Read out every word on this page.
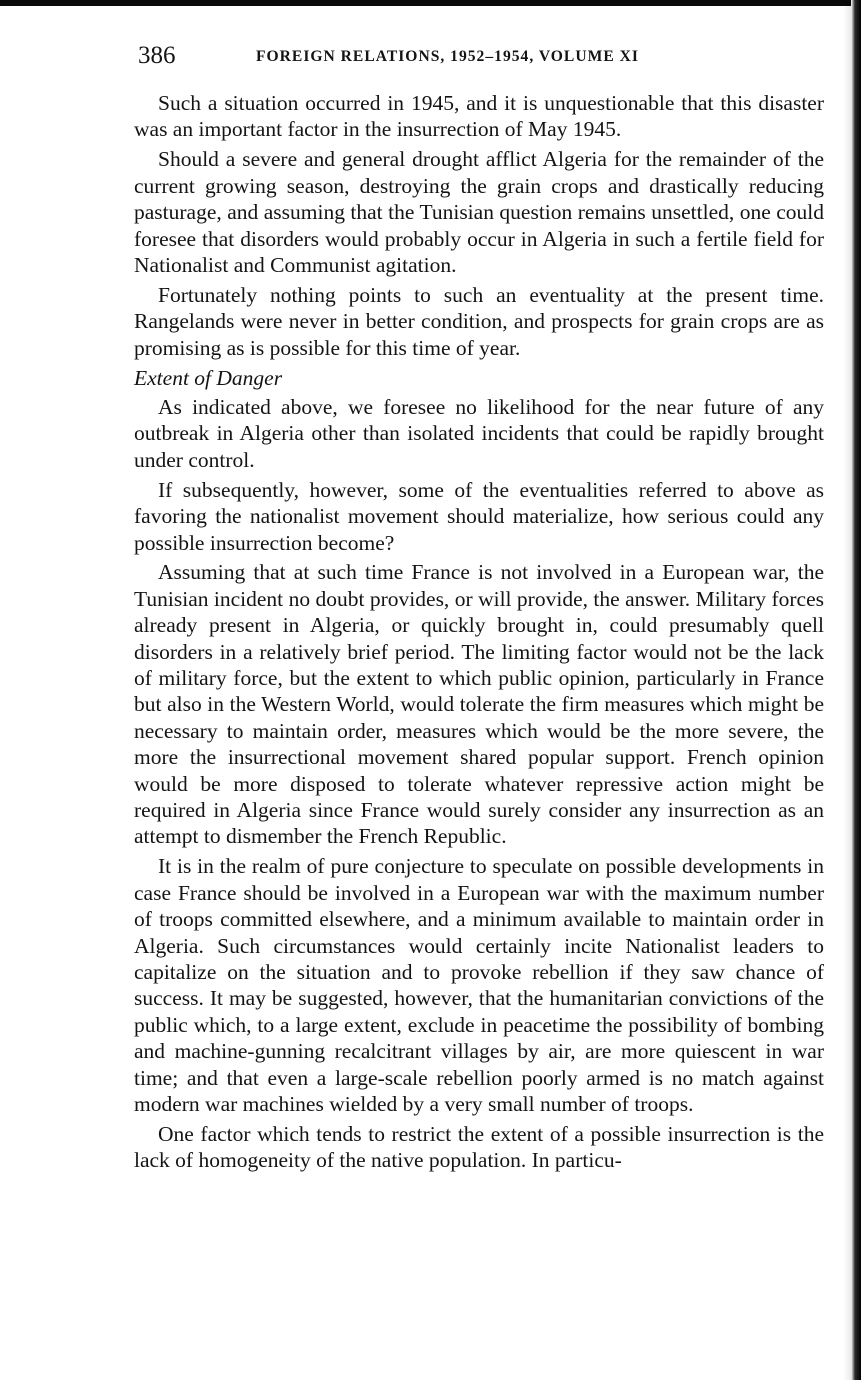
386	FOREIGN RELATIONS, 1952–1954, VOLUME XI

Such a situation occurred in 1945, and it is unquestionable that this disaster was an important factor in the insurrection of May 1945.

Should a severe and general drought afflict Algeria for the remainder of the current growing season, destroying the grain crops and drastically reducing pasturage, and assuming that the Tunisian question remains unsettled, one could foresee that disorders would probably occur in Algeria in such a fertile field for Nationalist and Communist agitation.

Fortunately nothing points to such an eventuality at the present time. Rangelands were never in better condition, and prospects for grain crops are as promising as is possible for this time of year.

Extent of Danger

As indicated above, we foresee no likelihood for the near future of any outbreak in Algeria other than isolated incidents that could be rapidly brought under control.

If subsequently, however, some of the eventualities referred to above as favoring the nationalist movement should materialize, how serious could any possible insurrection become?

Assuming that at such time France is not involved in a European war, the Tunisian incident no doubt provides, or will provide, the answer. Military forces already present in Algeria, or quickly brought in, could presumably quell disorders in a relatively brief period. The limiting factor would not be the lack of military force, but the extent to which public opinion, particularly in France but also in the Western World, would tolerate the firm measures which might be necessary to maintain order, measures which would be the more severe, the more the insurrectional movement shared popular support. French opinion would be more disposed to tolerate whatever repressive action might be required in Algeria since France would surely consider any insurrection as an attempt to dismember the French Republic.

It is in the realm of pure conjecture to speculate on possible developments in case France should be involved in a European war with the maximum number of troops committed elsewhere, and a minimum available to maintain order in Algeria. Such circumstances would certainly incite Nationalist leaders to capitalize on the situation and to provoke rebellion if they saw chance of success. It may be suggested, however, that the humanitarian convictions of the public which, to a large extent, exclude in peacetime the possibility of bombing and machine-gunning recalcitrant villages by air, are more quiescent in war time; and that even a large-scale rebellion poorly armed is no match against modern war machines wielded by a very small number of troops.

One factor which tends to restrict the extent of a possible insurrection is the lack of homogeneity of the native population. In particu-
